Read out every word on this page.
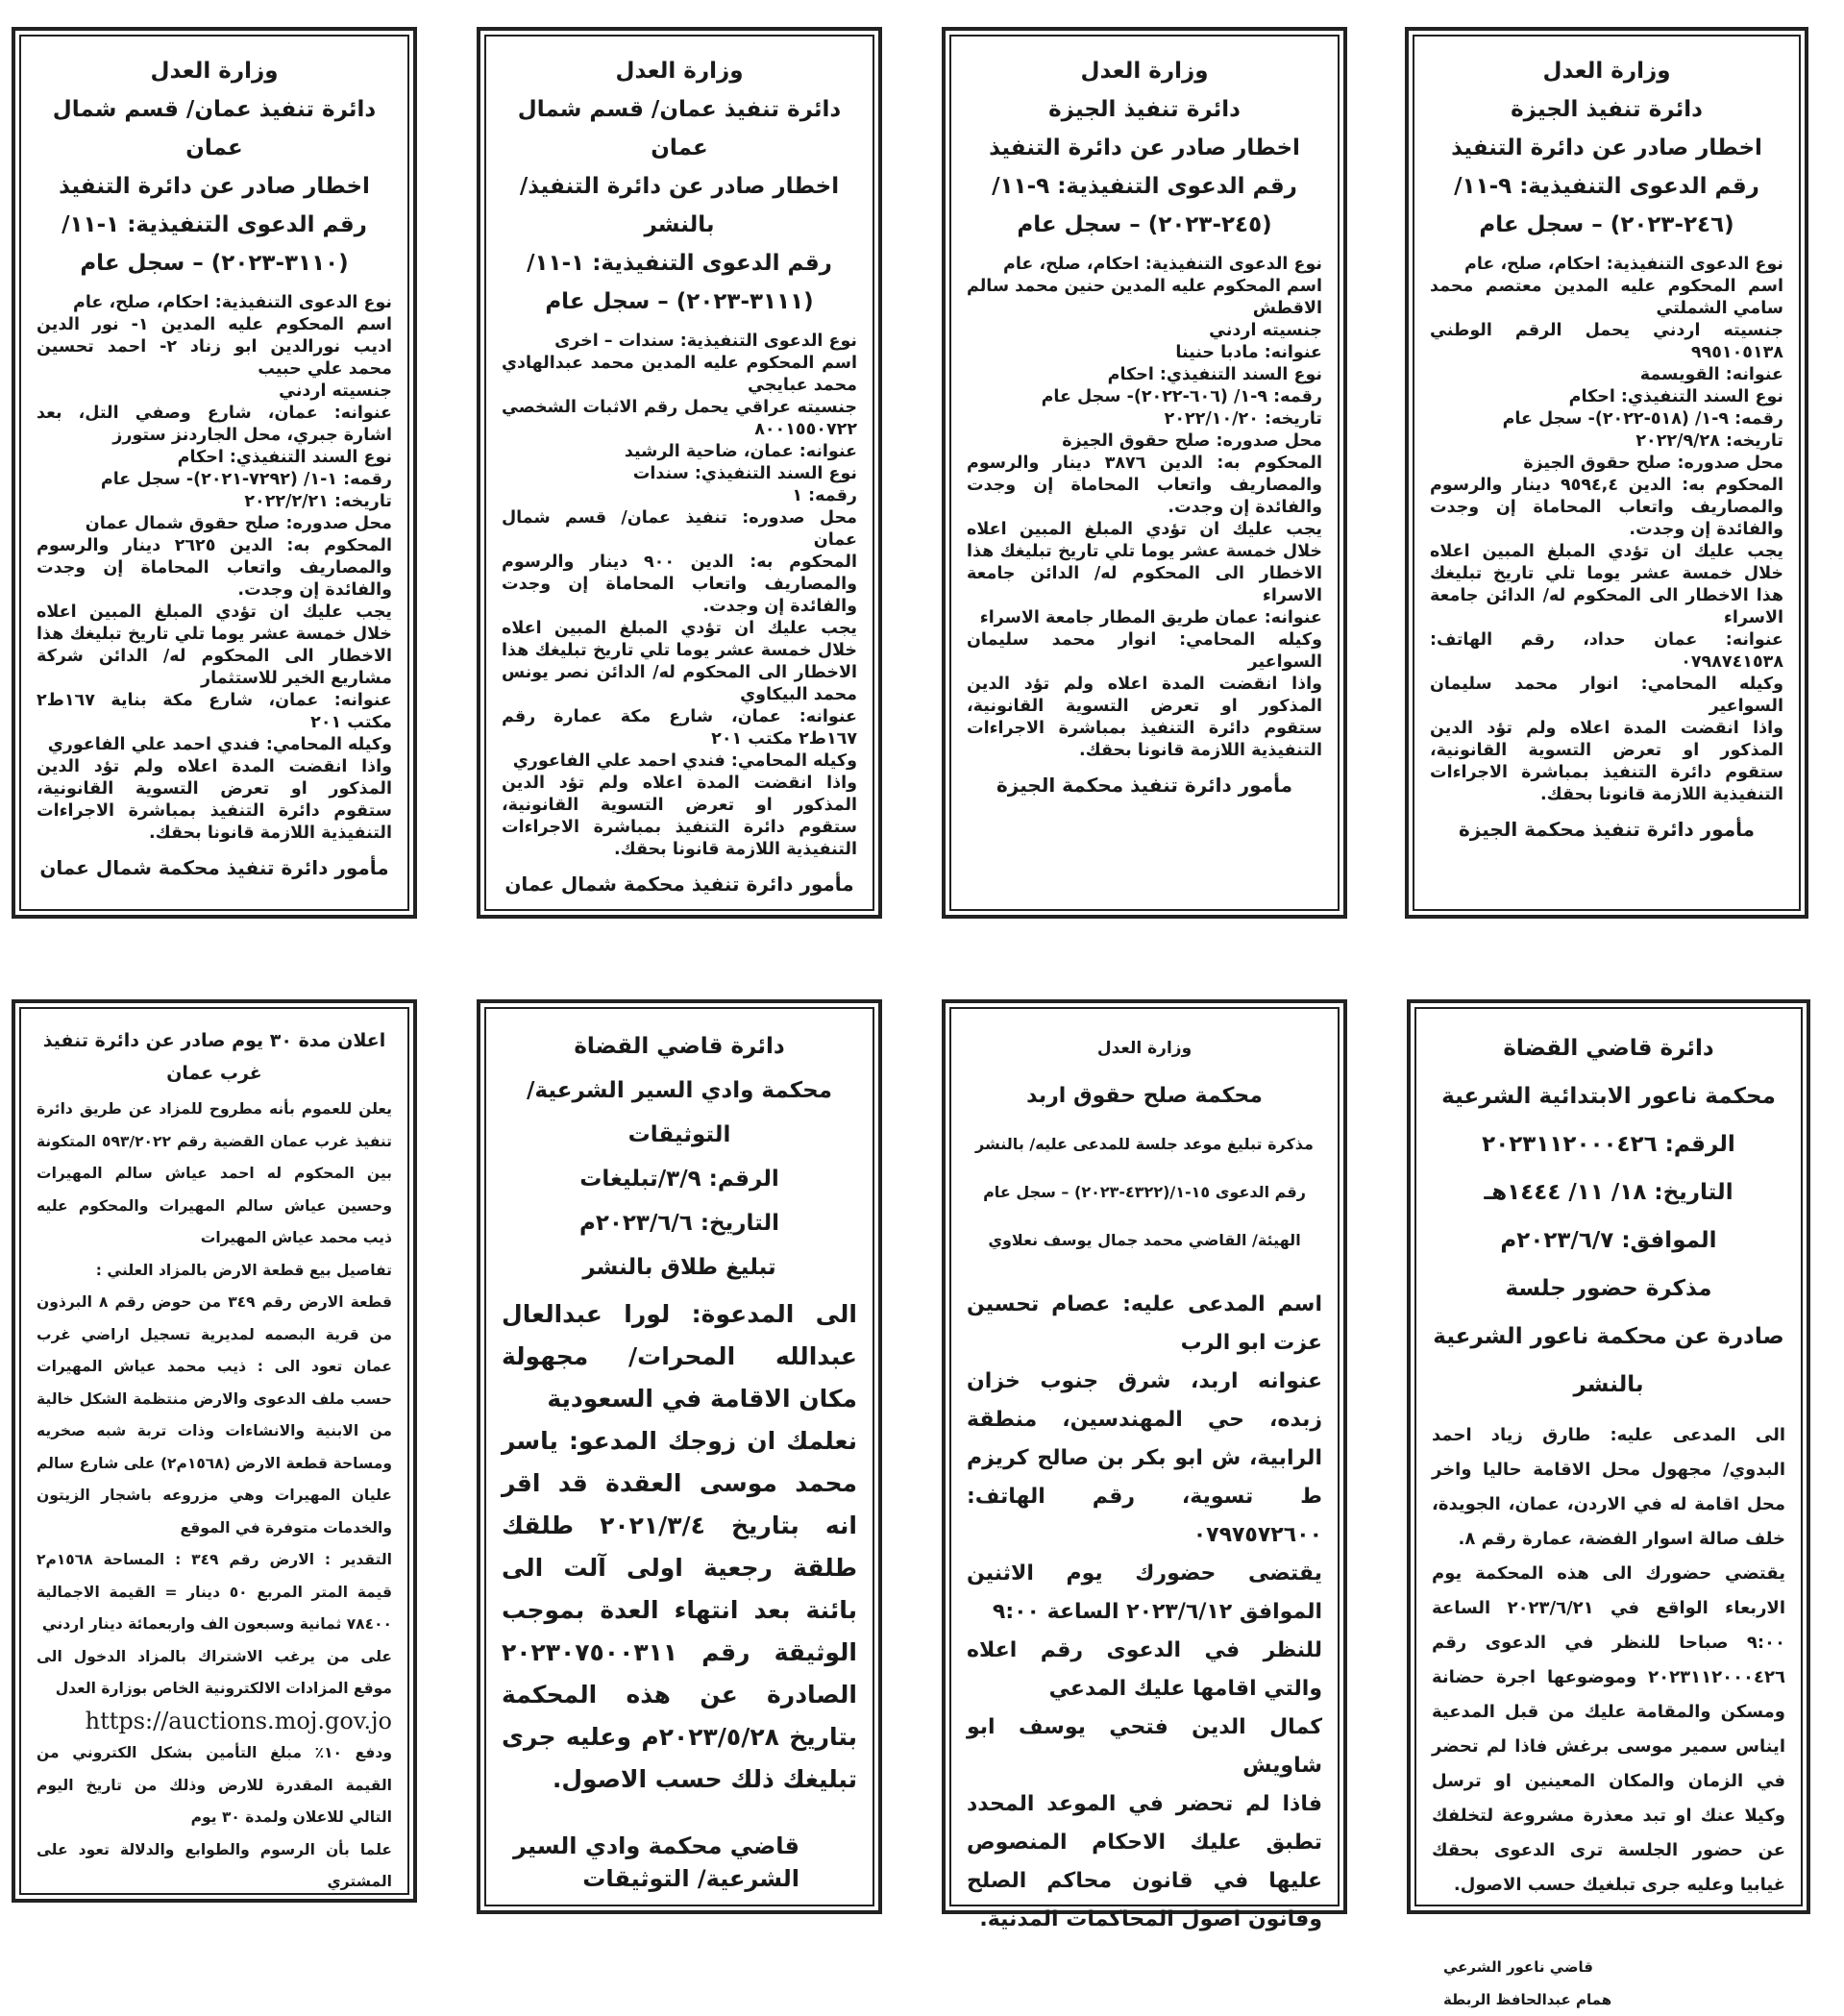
وزارة العدل
دائرة تنفيذ الجيزة
اخطار صادر عن دائرة التنفيذ
رقم الدعوى التنفيذية: ٩-١١/
(٢٤٦-٢٠٢٣) – سجل عام

نوع الدعوى التنفيذية: احكام، صلح، عام

اسم المحكوم عليه المدين معتصم محمد سامي الشملتي

جنسيته اردني يحمل الرقم الوطني ٩٩٥١٠٥١٣٨

عنوانه: القويسمة

نوع السند التنفيذي: احكام

رقمه: ٩-١/ (٥١٨-٢٠٢٢)- سجل عام

تاريخه: ٢٠٢٢/٩/٢٨

محل صدوره: صلح حقوق الجيزة

المحكوم به: الدين ٩٥٩٤,٤ دينار والرسوم والمصاريف واتعاب المحاماة إن وجدت والفائدة إن وجدت.

يجب عليك ان تؤدي المبلغ المبين اعلاه خلال خمسة عشر يوما تلي تاريخ تبليغك هذا الاخطار الى المحكوم له/ الدائن جامعة الاسراء

عنوانه: عمان حداد، رقم الهاتف: ٠٧٩٨٧٤١٥٣٨

وكيله المحامي: انوار محمد سليمان السواعير

واذا انقضت المدة اعلاه ولم تؤد الدين المذكور او تعرض التسوية القانونية، ستقوم دائرة التنفيذ بمباشرة الاجراءات التنفيذية اللازمة قانونا بحقك.

مأمور دائرة تنفيذ محكمة الجيزة
وزارة العدل
دائرة تنفيذ الجيزة
اخطار صادر عن دائرة التنفيذ
رقم الدعوى التنفيذية: ٩-١١/
(٢٤٥-٢٠٢٣) – سجل عام

نوع الدعوى التنفيذية: احكام، صلح، عام

اسم المحكوم عليه المدين حنين محمد سالم الاقطش

جنسيته اردني

عنوانه: مادبا حنينا

نوع السند التنفيذي: احكام

رقمه: ٩-١/ (٦٠٦-٢٠٢٢)- سجل عام

تاريخه: ٢٠٢٢/١٠/٢٠

محل صدوره: صلح حقوق الجيزة

المحكوم به: الدين ٣٨٧٦ دينار والرسوم والمصاريف واتعاب المحاماة إن وجدت والفائدة إن وجدت.

يجب عليك ان تؤدي المبلغ المبين اعلاه خلال خمسة عشر يوما تلي تاريخ تبليغك هذا الاخطار الى المحكوم له/ الدائن جامعة الاسراء

عنوانه: عمان طريق المطار جامعة الاسراء

وكيله المحامي: انوار محمد سليمان السواعير

واذا انقضت المدة اعلاه ولم تؤد الدين المذكور او تعرض التسوية القانونية، ستقوم دائرة التنفيذ بمباشرة الاجراءات التنفيذية اللازمة قانونا بحقك.

مأمور دائرة تنفيذ محكمة الجيزة
وزارة العدل
دائرة تنفيذ عمان/ قسم شمال عمان
اخطار صادر عن دائرة التنفيذ/ بالنشر
رقم الدعوى التنفيذية: ١-١١/
(٣١١١-٢٠٢٣) – سجل عام

نوع الدعوى التنفيذية: سندات – اخرى

اسم المحكوم عليه المدين محمد عبدالهادي محمد عبايجي

جنسيته عراقي يحمل رقم الاثبات الشخصي ٨٠٠١٥٥٠٧٢٢

عنوانه: عمان، ضاحية الرشيد

نوع السند التنفيذي: سندات

رقمه: ١

محل صدوره: تنفيذ عمان/ قسم شمال عمان

المحكوم به: الدين ٩٠٠ دينار والرسوم والمصاريف واتعاب المحاماة إن وجدت والفائدة إن وجدت.

يجب عليك ان تؤدي المبلغ المبين اعلاه خلال خمسة عشر يوما تلي تاريخ تبليغك هذا الاخطار الى المحكوم له/ الدائن نصر يونس محمد البيكاوي

عنوانه: عمان، شارع مكة عمارة رقم ١٦٧ط٢ مكتب ٢٠١

وكيله المحامي: فندي احمد علي الفاعوري

واذا انقضت المدة اعلاه ولم تؤد الدين المذكور او تعرض التسوية القانونية، ستقوم دائرة التنفيذ بمباشرة الاجراءات التنفيذية اللازمة قانونا بحقك.

مأمور دائرة تنفيذ محكمة شمال عمان
وزارة العدل
دائرة تنفيذ عمان/ قسم شمال عمان
اخطار صادر عن دائرة التنفيذ
رقم الدعوى التنفيذية: ١-١١/
(٣١١٠-٢٠٢٣) – سجل عام

نوع الدعوى التنفيذية: احكام، صلح، عام

اسم المحكوم عليه المدين ١- نور الدين اديب نورالدين ابو زناد ٢- احمد تحسين محمد علي حبيب

جنسيته اردني

عنوانه: عمان، شارع وصفي التل، بعد اشارة جبري، محل الجاردنز ستورز

نوع السند التنفيذي: احكام

رقمه: ١-١/ (٧٢٩٢-٢٠٢١)- سجل عام

تاريخه: ٢٠٢٢/٢/٢١

محل صدوره: صلح حقوق شمال عمان

المحكوم به: الدين ٢٦٢٥ دينار والرسوم والمصاريف واتعاب المحاماة إن وجدت والفائدة إن وجدت.

يجب عليك ان تؤدي المبلغ المبين اعلاه خلال خمسة عشر يوما تلي تاريخ تبليغك هذا الاخطار الى المحكوم له/ الدائن شركة مشاريع الخير للاستثمار

عنوانه: عمان، شارع مكة بناية ١٦٧ط٢ مكتب ٢٠١

وكيله المحامي: فندي احمد علي الفاعوري

واذا انقضت المدة اعلاه ولم تؤد الدين المذكور او تعرض التسوية القانونية، ستقوم دائرة التنفيذ بمباشرة الاجراءات التنفيذية اللازمة قانونا بحقك.

مأمور دائرة تنفيذ محكمة شمال عمان
دائرة قاضي القضاة
محكمة ناعور الابتدائية الشرعية
الرقم: ٢٠٢٣١١٢٠٠٠٤٢٦
التاريخ: ١٨/ ١١/ ١٤٤٤هـ
الموافق: ٢٠٢٣/٦/٧م
مذكرة حضور جلسة
صادرة عن محكمة ناعور الشرعية بالنشر

الى المدعى عليه: طارق زياد احمد البدوي/ مجهول محل الاقامة حاليا واخر محل اقامة له في الاردن، عمان، الجويدة، خلف صالة اسوار الفضة، عمارة رقم ٨.

يقتضي حضورك الى هذه المحكمة يوم الاربعاء الواقع في ٢٠٢٣/٦/٢١ الساعة ٩:٠٠ صباحا للنظر في الدعوى رقم ٢٠٢٣١١٢٠٠٠٤٢٦ وموضوعها اجرة حضانة ومسكن والمقامة عليك من قبل المدعية ايناس سمير موسى برغش فاذا لم تحضر في الزمان والمكان المعينين او ترسل وكيلا عنك او تبد معذرة مشروعة لتخلفك عن حضور الجلسة ترى الدعوى بحقك غيابيا وعليه جرى تبلغيك حسب الاصول.

قاضي ناعور الشرعي
همام عبدالحافظ الربطة
وزارة العدل
محكمة صلح حقوق اربد
مذكرة تبليغ موعد جلسة للمدعى عليه/ بالنشر
رقم الدعوى ١٥-١/(٤٣٢٢-٢٠٢٣) – سجل عام
الهيئة/ القاضي محمد جمال يوسف نعلاوي

اسم المدعى عليه: عصام تحسين عزت ابو الرب

عنوانه اربد، شرق جنوب خزان زبده، حي المهندسين، منطقة الرابية، ش ابو بكر بن صالح كريزم ط تسوية، رقم الهاتف: ٠٧٩٧٥٧٢٦٠٠

يقتضى حضورك يوم الاثنين الموافق ٢٠٢٣/٦/١٢ الساعة ٩:٠٠

للنظر في الدعوى رقم اعلاه والتي اقامها عليك المدعي

كمال الدين فتحي يوسف ابو شاويش

فاذا لم تحضر في الموعد المحدد تطبق عليك الاحكام المنصوص عليها في قانون محاكم الصلح وقانون اصول المحاكمات المدنية.

دائرة قاضي القضاة
محكمة وادي السير الشرعية/ التوثيقات
الرقم: ٣/٩/تبليغات
التاريخ: ٢٠٢٣/٦/٦م
تبليغ طلاق بالنشر

الى المدعوة: لورا عبدالعال عبدالله المحرات/ مجهولة مكان الاقامة في السعودية

نعلمك ان زوجك المدعو: ياسر محمد موسى العقدة قد اقر انه بتاريخ ٢٠٢١/٣/٤ طلقك طلقة رجعية اولى آلت الى بائنة بعد انتهاء العدة بموجب الوثيقة رقم ٢٠٢٣٠٧٥٠٠٣١١ الصادرة عن هذه المحكمة بتاريخ ٢٠٢٣/٥/٢٨م وعليه جرى تبليغك ذلك حسب الاصول.

قاضي محكمة وادي السير الشرعية/ التوثيقات
اعلان مدة ٣٠ يوم صادر عن دائرة تنفيذ غرب عمان

يعلن للعموم بأنه مطروح للمزاد عن طريق دائرة تنفيذ غرب عمان القضية رقم ٥٩٣/٢٠٢٢ المتكونة بين المحكوم له احمد عياش سالم المهيرات وحسين عياش سالم المهيرات والمحكوم عليه ذيب محمد عياش المهيرات

تفاصيل بيع قطعة الارض بالمزاد العلني :

قطعة الارض رقم ٣٤٩ من حوض رقم ٨ البرذون من قرية البصمه لمديرية تسجيل اراضي غرب عمان تعود الى : ذيب محمد عياش المهيرات حسب ملف الدعوى والارض منتظمة الشكل خالية من الابنية والانشاءات وذات تربة شبه صخريه ومساحة قطعة الارض (١٥٦٨م٢) على شارع سالم عليان المهيرات وهي مزروعه باشجار الزيتون والخدمات متوفرة في الموقع

التقدير : الارض رقم ٣٤٩ : المساحة ١٥٦٨م٢ قيمة المتر المربع ٥٠ دينار = القيمة الاجمالية ٧٨٤٠٠ ثمانية وسبعون الف واربعمائة دينار اردني

على من يرغب الاشتراك بالمزاد الدخول الى موقع المزادات الالكترونية الخاص بوزارة العدل

https://auctions.moj.gov.jo

ودفع ١٠٪ مبلغ التأمين بشكل الكتروني من القيمة المقدرة للارض وذلك من تاريخ اليوم التالي للاعلان ولمدة ٣٠ يوم

علما بأن الرسوم والطوابع والدلالة تعود على المشتري
